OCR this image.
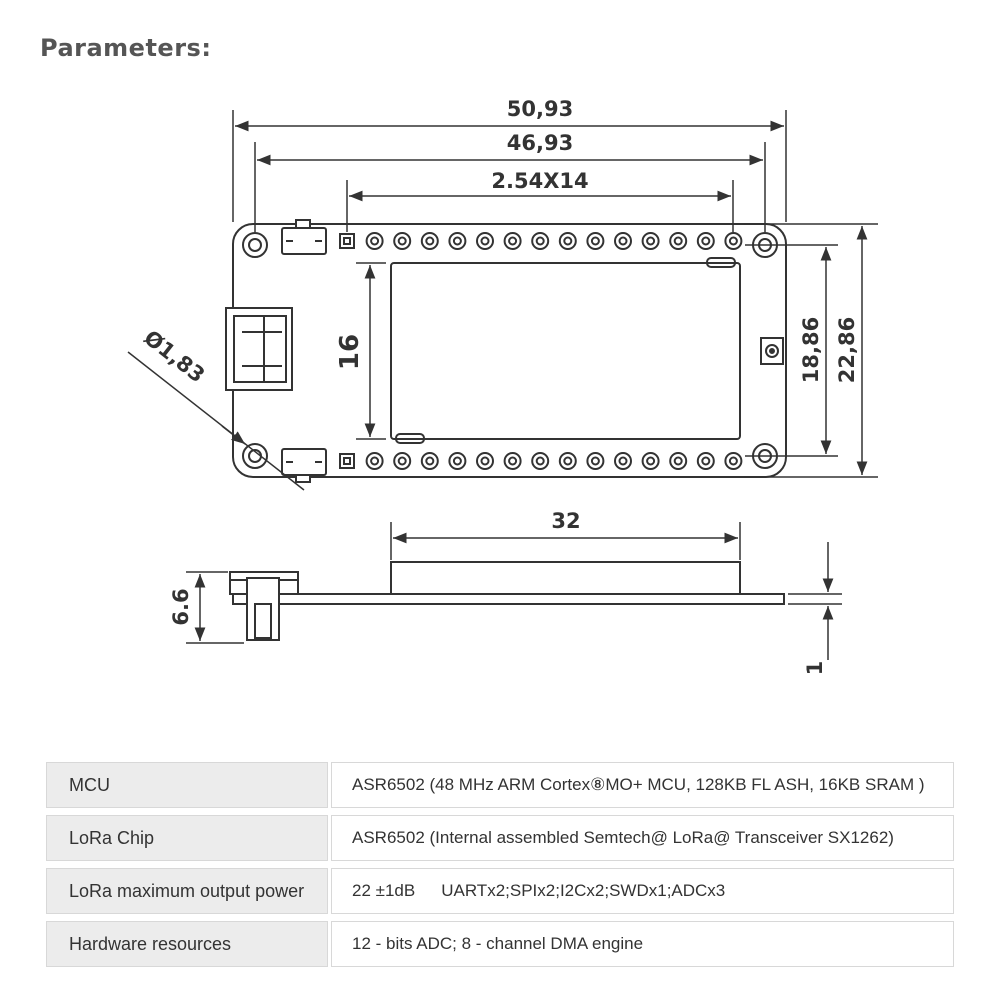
Parameters:
50,93
46,93
2.54X14
16	18,86 22,86
Ø1,83
32
6.6
1
MCU	ASR6502 (48 MHz ARM Cortex⑧MO+ MCU, 128KB FL ASH, 16KB SRAM )
LoRa Chip	ASR6502 (Internal assembled Semtech@ LoRa@ Transceiver SX1262)
LoRa maximum output power	22 ±1dB UARTx2;SPIx2;I2Cx2;SWDx1;ADCx3
Hardware resources	12 - bits ADC; 8 - channel DMA engine
